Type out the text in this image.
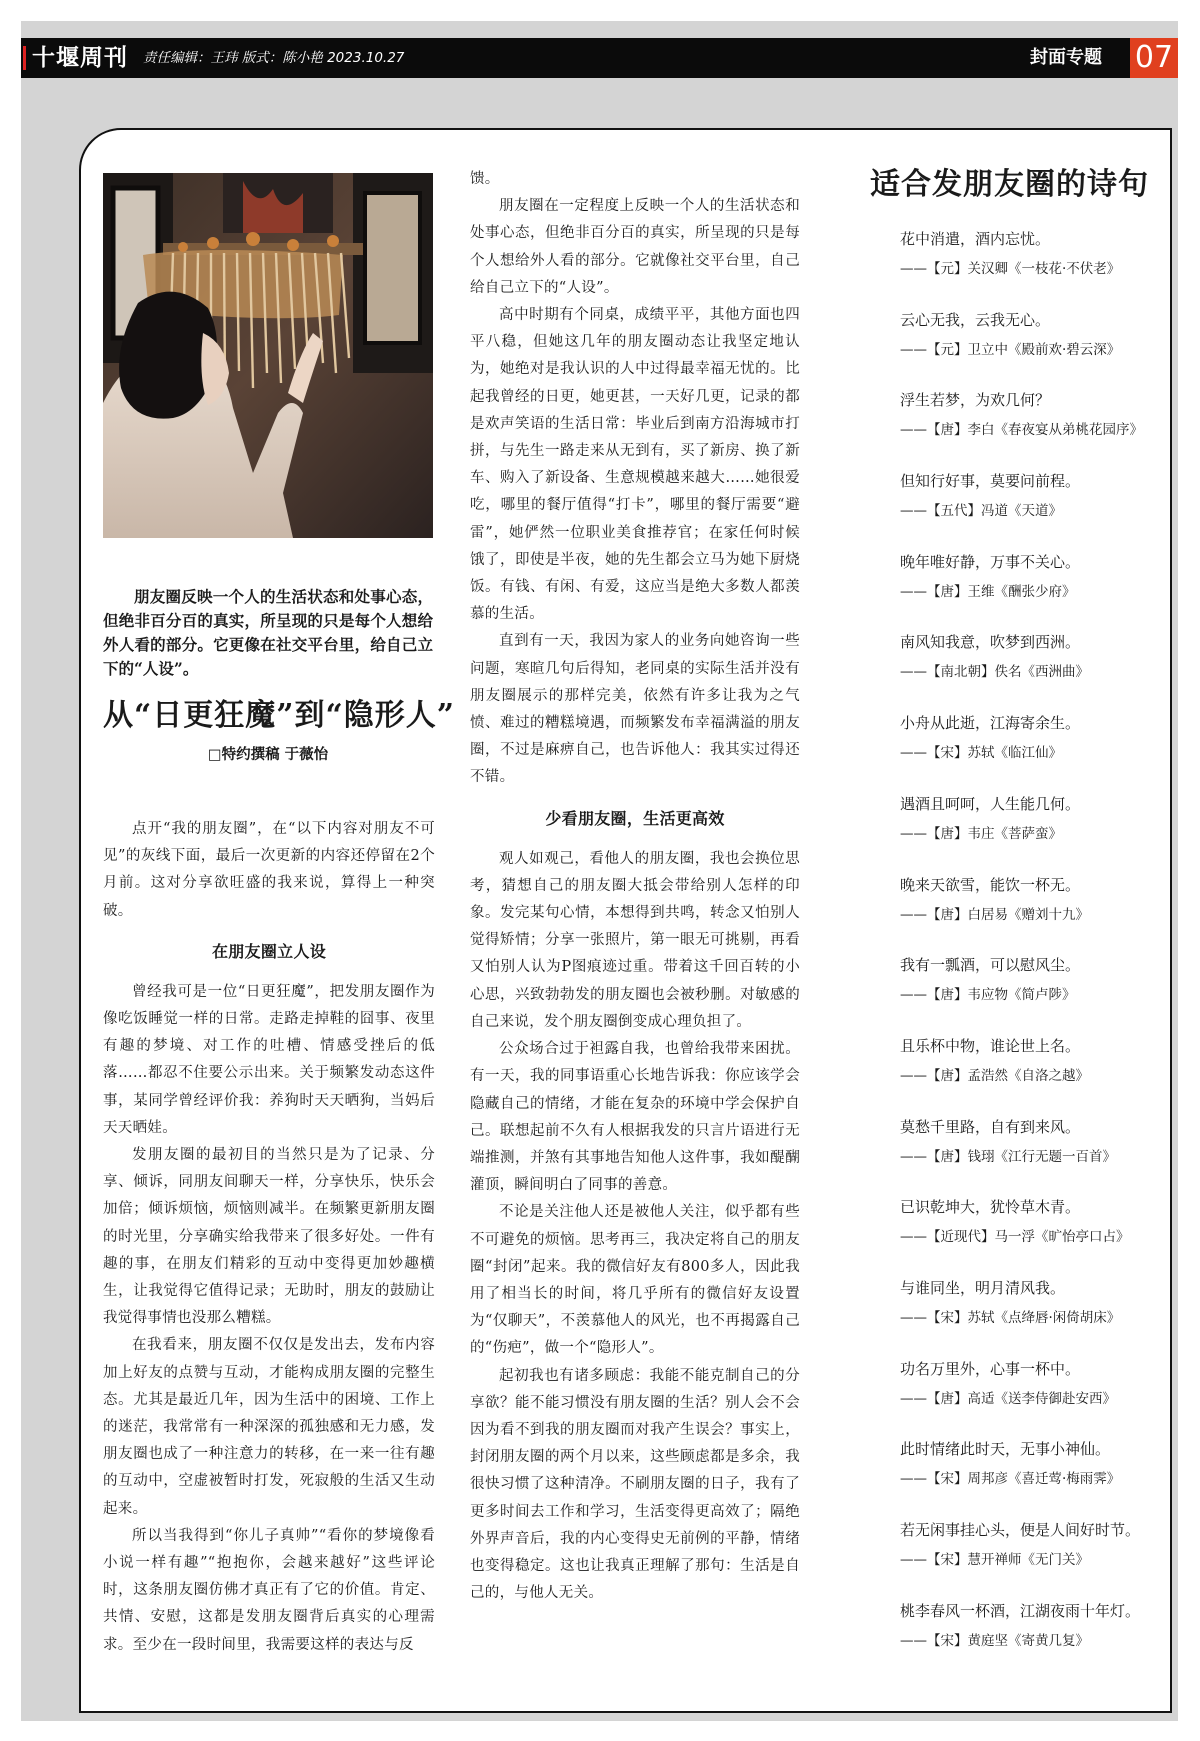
十堰周刊	责任编辑：王玮 版式：陈小艳 2023.10.27	封面专题 07

朋友圈反映一个人的生活状态和处事心态，但绝非百分百的真实，所呈现的只是每个人想给外人看的部分。它更像在社交平台里，给自己立下的“人设”。

从“日更狂魔”到“隐形人”
□特约撰稿 于薇怡

点开“我的朋友圈”，在“以下内容对朋友不可见”的灰线下面，最后一次更新的内容还停留在2个月前。这对分享欲旺盛的我来说，算得上一种突破。

在朋友圈立人设

曾经我可是一位“日更狂魔”，把发朋友圈作为像吃饭睡觉一样的日常。走路走掉鞋的囧事、夜里有趣的梦境、对工作的吐槽、情感受挫后的低落……都忍不住要公示出来。关于频繁发动态这件事，某同学曾经评价我：养狗时天天晒狗，当妈后天天晒娃。

发朋友圈的最初目的当然只是为了记录、分享、倾诉，同朋友间聊天一样，分享快乐，快乐会加倍；倾诉烦恼，烦恼则减半。在频繁更新朋友圈的时光里，分享确实给我带来了很多好处。一件有趣的事，在朋友们精彩的互动中变得更加妙趣横生，让我觉得它值得记录；无助时，朋友的鼓励让我觉得事情也没那么糟糕。

在我看来，朋友圈不仅仅是发出去，发布内容加上好友的点赞与互动，才能构成朋友圈的完整生态。尤其是最近几年，因为生活中的困境、工作上的迷茫，我常常有一种深深的孤独感和无力感，发朋友圈也成了一种注意力的转移，在一来一往有趣的互动中，空虚被暂时打发，死寂般的生活又生动起来。

所以当我得到“你儿子真帅”“看你的梦境像看小说一样有趣”“抱抱你，会越来越好”这些评论时，这条朋友圈仿佛才真正有了它的价值。肯定、共情、安慰，这都是发朋友圈背后真实的心理需求。至少在一段时间里，我需要这样的表达与反

馈。

朋友圈在一定程度上反映一个人的生活状态和处事心态，但绝非百分百的真实，所呈现的只是每个人想给外人看的部分。它就像社交平台里，自己给自己立下的“人设”。

高中时期有个同桌，成绩平平，其他方面也四平八稳，但她这几年的朋友圈动态让我坚定地认为，她绝对是我认识的人中过得最幸福无忧的。比起我曾经的日更，她更甚，一天好几更，记录的都是欢声笑语的生活日常：毕业后到南方沿海城市打拼，与先生一路走来从无到有，买了新房、换了新车、购入了新设备、生意规模越来越大……她很爱吃，哪里的餐厅值得“打卡”，哪里的餐厅需要“避雷”，她俨然一位职业美食推荐官；在家任何时候饿了，即使是半夜，她的先生都会立马为她下厨烧饭。有钱、有闲、有爱，这应当是绝大多数人都羡慕的生活。

直到有一天，我因为家人的业务向她咨询一些问题，寒暄几句后得知，老同桌的实际生活并没有朋友圈展示的那样完美，依然有许多让我为之气愤、难过的糟糕境遇，而频繁发布幸福满溢的朋友圈，不过是麻痹自己，也告诉他人：我其实过得还不错。

少看朋友圈，生活更高效

观人如观己，看他人的朋友圈，我也会换位思考，猜想自己的朋友圈大抵会带给别人怎样的印象。发完某句心情，本想得到共鸣，转念又怕别人觉得矫情；分享一张照片，第一眼无可挑剔，再看又怕别人认为P图痕迹过重。带着这千回百转的小心思，兴致勃勃发的朋友圈也会被秒删。对敏感的自己来说，发个朋友圈倒变成心理负担了。

公众场合过于袒露自我，也曾给我带来困扰。有一天，我的同事语重心长地告诉我：你应该学会隐藏自己的情绪，才能在复杂的环境中学会保护自己。联想起前不久有人根据我发的只言片语进行无端推测，并煞有其事地告知他人这件事，我如醍醐灌顶，瞬间明白了同事的善意。

不论是关注他人还是被他人关注，似乎都有些不可避免的烦恼。思考再三，我决定将自己的朋友圈“封闭”起来。我的微信好友有800多人，因此我用了相当长的时间，将几乎所有的微信好友设置为“仅聊天”，不羡慕他人的风光，也不再揭露自己的“伤疤”，做一个“隐形人”。

起初我也有诸多顾虑：我能不能克制自己的分享欲？能不能习惯没有朋友圈的生活？别人会不会因为看不到我的朋友圈而对我产生误会？事实上，封闭朋友圈的两个月以来，这些顾虑都是多余，我很快习惯了这种清净。不刷朋友圈的日子，我有了更多时间去工作和学习，生活变得更高效了；隔绝外界声音后，我的内心变得史无前例的平静，情绪也变得稳定。这也让我真正理解了那句：生活是自己的，与他人无关。

适合发朋友圈的诗句
花中消遣，酒内忘忧。
——【元】关汉卿《一枝花·不伏老》
云心无我，云我无心。
——【元】卫立中《殿前欢·碧云深》
浮生若梦，为欢几何？
——【唐】李白《春夜宴从弟桃花园序》
但知行好事，莫要问前程。
——【五代】冯道《天道》
晚年唯好静，万事不关心。
——【唐】王维《酬张少府》
南风知我意，吹梦到西洲。
——【南北朝】佚名《西洲曲》
小舟从此逝，江海寄余生。
——【宋】苏轼《临江仙》
遇酒且呵呵，人生能几何。
——【唐】韦庄《菩萨蛮》
晚来天欲雪，能饮一杯无。
——【唐】白居易《赠刘十九》
我有一瓢酒，可以慰风尘。
——【唐】韦应物《简卢陟》
且乐杯中物，谁论世上名。
——【唐】孟浩然《自洛之越》
莫愁千里路，自有到来风。
——【唐】钱珝《江行无题一百首》
已识乾坤大，犹怜草木青。
——【近现代】马一浮《旷怡亭口占》
与谁同坐，明月清风我。
——【宋】苏轼《点绛唇·闲倚胡床》
功名万里外，心事一杯中。
——【唐】高适《送李侍御赴安西》
此时情绪此时天，无事小神仙。
——【宋】周邦彦《喜迁莺·梅雨霁》
若无闲事挂心头，便是人间好时节。
——【宋】慧开禅师《无门关》
桃李春风一杯酒，江湖夜雨十年灯。
——【宋】黄庭坚《寄黄几复》
